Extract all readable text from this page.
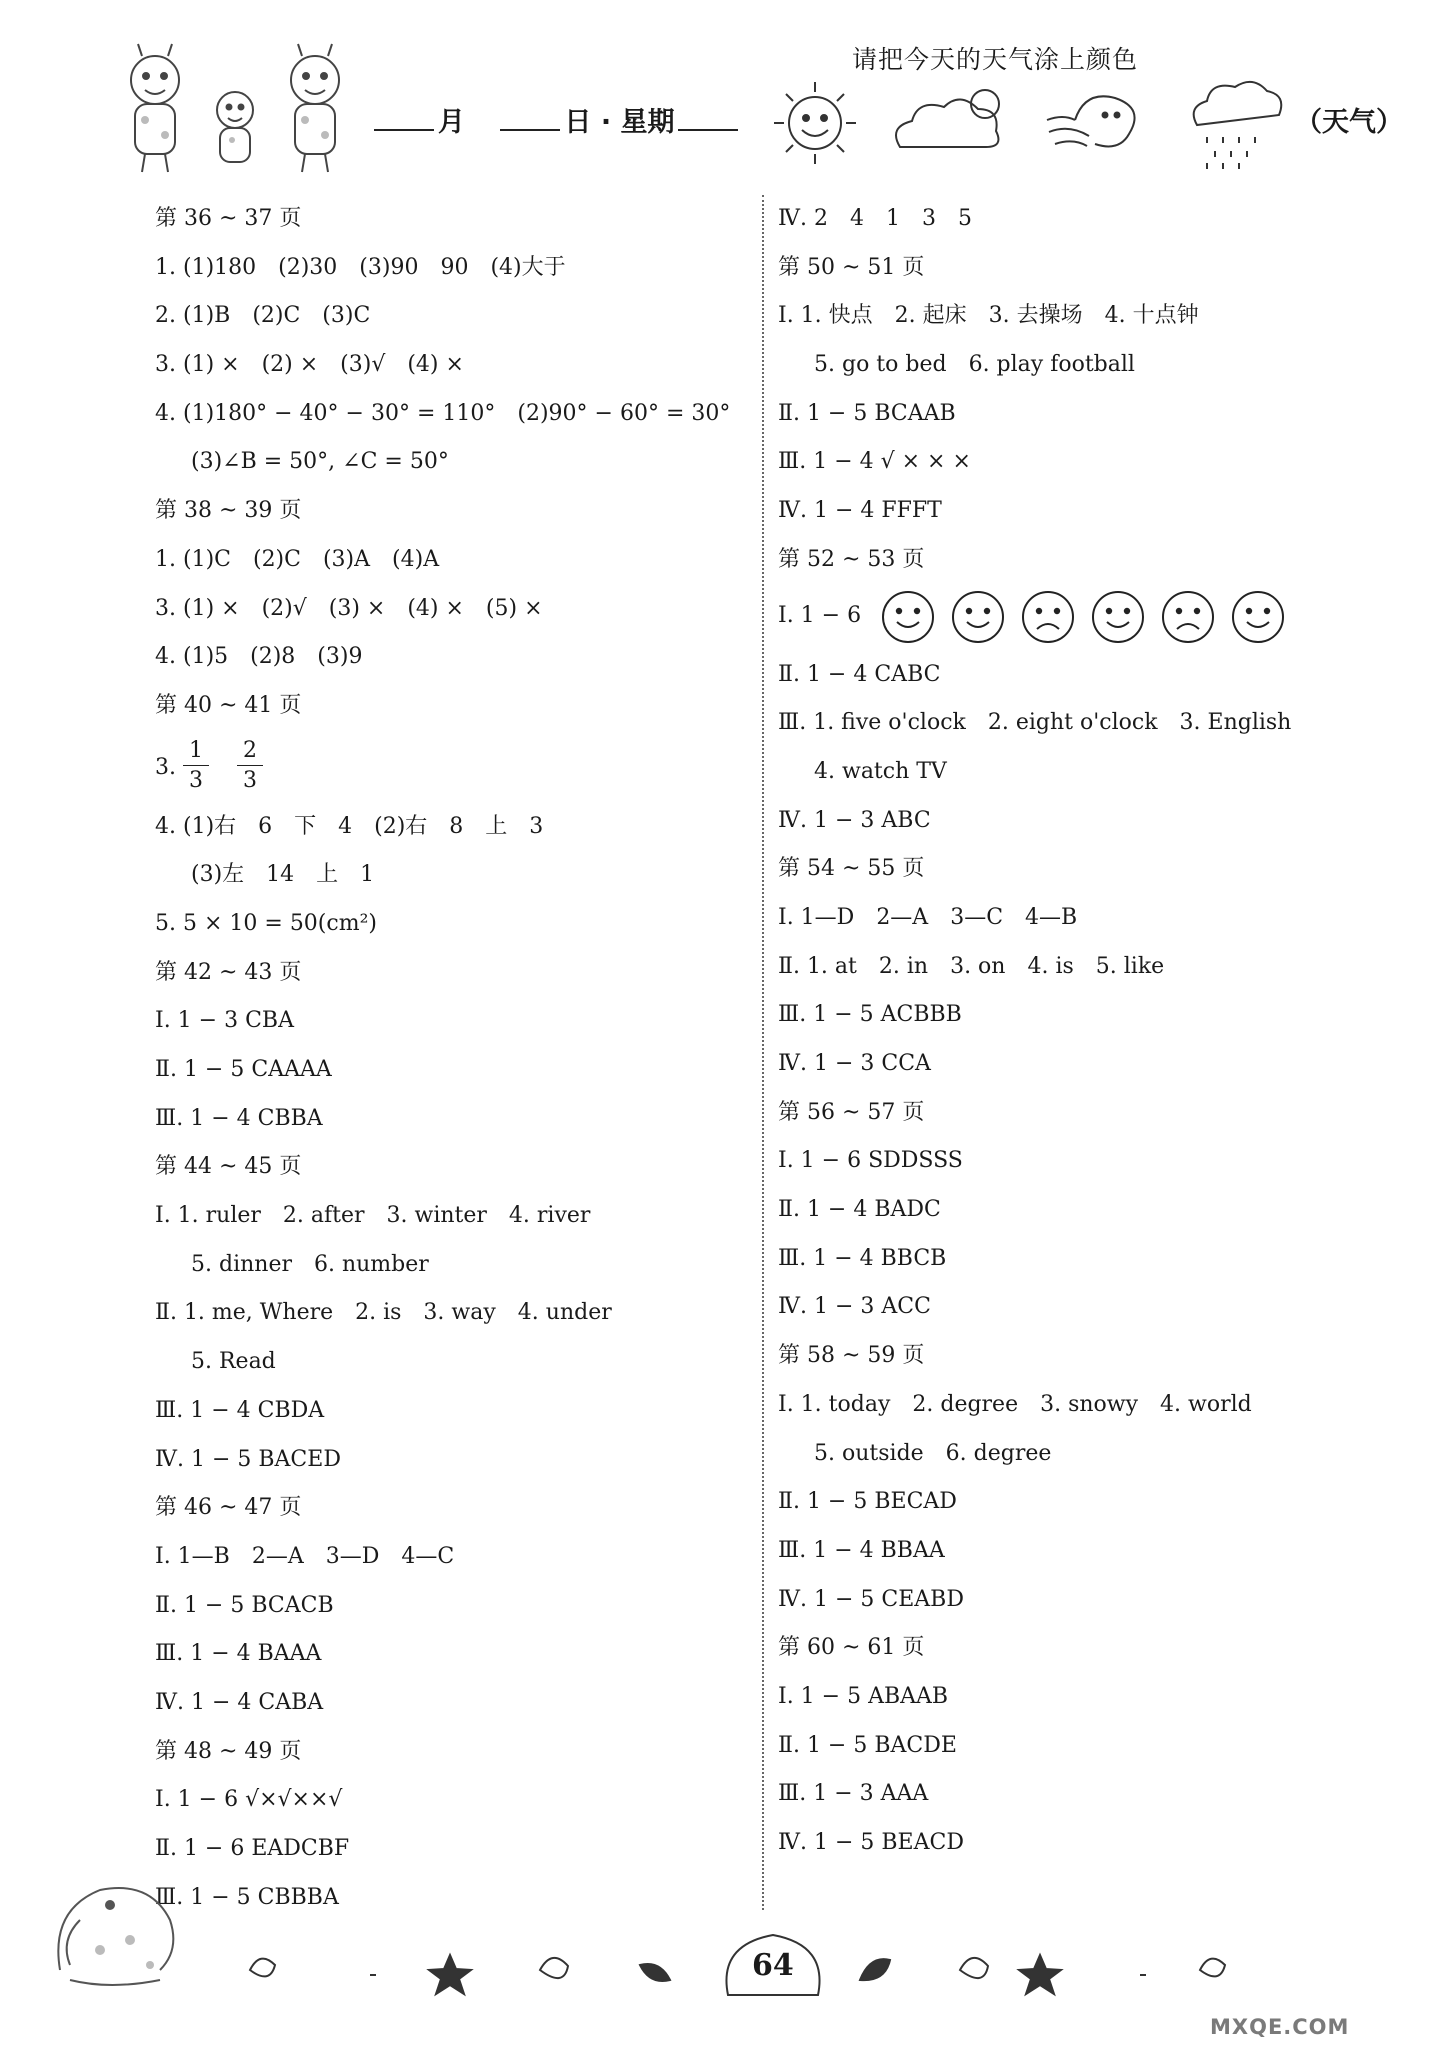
月	日 · 星期
请把今天的天气涂上颜色
（天气）
第 36 ~ 37 页
1. (1)180　(2)30　(3)90　90　(4)大于
2. (1)B　(2)C　(3)C
3. (1) ×　(2) ×　(3)√　(4) ×
4. (1)180° − 40° − 30° = 110°　(2)90° − 60° = 30°
(3)∠B = 50°, ∠C = 50°
第 38 ~ 39 页
1. (1)C　(2)C　(3)A　(4)A
3. (1) ×　(2)√　(3) ×　(4) ×　(5) ×
4. (1)5　(2)8　(3)9
第 40 ~ 41 页
3. $\frac{1}{3} \frac{2}{3}$
4. (1)右　6　下　4　(2)右　8　上　3
(3)左　14　上　1
5. 5 × 10 = 50(cm²)
第 42 ~ 43 页
Ⅰ. 1 − 3 CBA
Ⅱ. 1 − 5 CAAAA
Ⅲ. 1 − 4 CBBA
第 44 ~ 45 页
Ⅰ. 1. ruler　2. after　3. winter　4. river
5. dinner　6. number
Ⅱ. 1. me, Where　2. is　3. way　4. under
5. Read
Ⅲ. 1 − 4 CBDA
Ⅳ. 1 − 5 BACED
第 46 ~ 47 页
Ⅰ. 1—B　2—A　3—D　4—C
Ⅱ. 1 − 5 BCACB
Ⅲ. 1 − 4 BAAA
Ⅳ. 1 − 4 CABA
第 48 ~ 49 页
Ⅰ. 1 − 6 √×√××√
Ⅱ. 1 − 6 EADCBF
Ⅲ. 1 − 5 CBBBA
Ⅳ. 2　4　1　3　5
第 50 ~ 51 页
Ⅰ. 1. 快点　2. 起床　3. 去操场　4. 十点钟
5. go to bed　6. play football
Ⅱ. 1 − 5 BCAAB
Ⅲ. 1 − 4 √ × × ×
Ⅳ. 1 − 4 FFFT
第 52 ~ 53 页
Ⅰ. 1 − 6
Ⅱ. 1 − 4 CABC
Ⅲ. 1. five o'clock　2. eight o'clock　3. English
4. watch TV
Ⅳ. 1 − 3 ABC
第 54 ~ 55 页
Ⅰ. 1—D　2—A　3—C　4—B
Ⅱ. 1. at　2. in　3. on　4. is　5. like
Ⅲ. 1 − 5 ACBBB
Ⅳ. 1 − 3 CCA
第 56 ~ 57 页
Ⅰ. 1 − 6 SDDSSS
Ⅱ. 1 − 4 BADC
Ⅲ. 1 − 4 BBCB
Ⅳ. 1 − 3 ACC
第 58 ~ 59 页
Ⅰ. 1. today　2. degree　3. snowy　4. world
5. outside　6. degree
Ⅱ. 1 − 5 BECAD
Ⅲ. 1 − 4 BBAA
Ⅳ. 1 − 5 CEABD
第 60 ~ 61 页
Ⅰ. 1 − 5 ABAAB
Ⅱ. 1 − 5 BACDE
Ⅲ. 1 − 3 AAA
Ⅳ. 1 − 5 BEACD
64
MXQE.COM
